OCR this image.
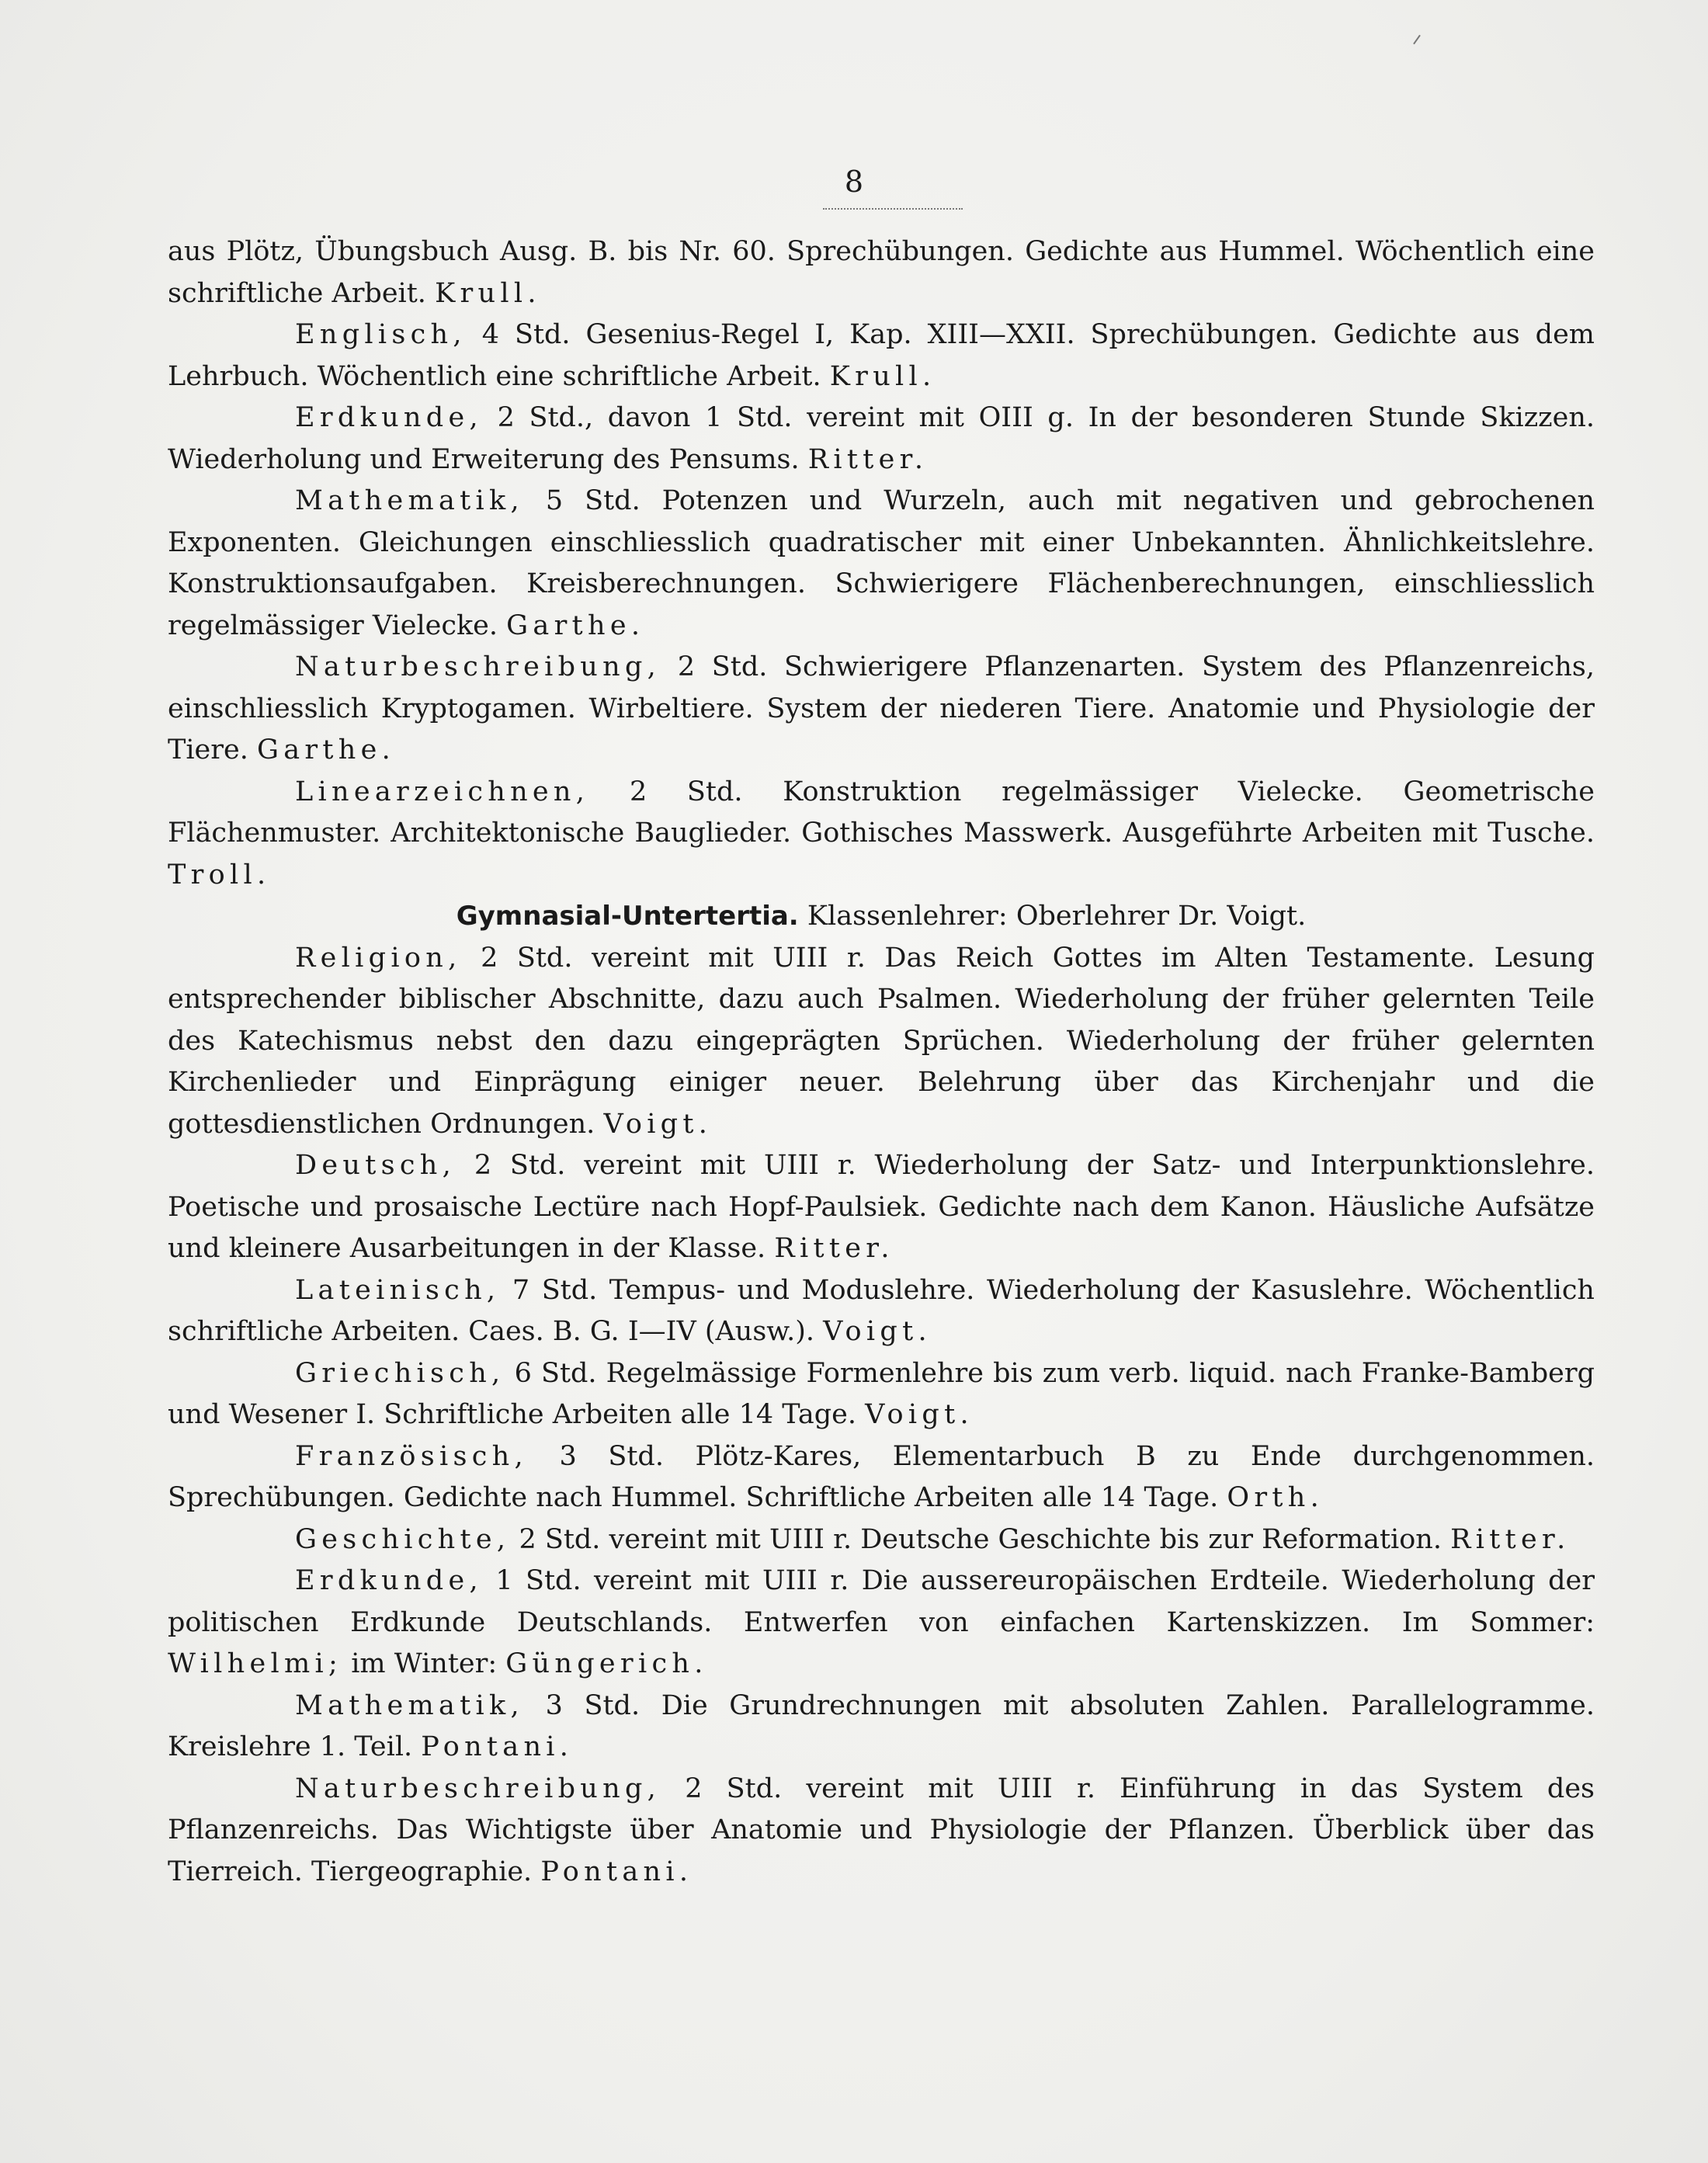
8

aus Plötz, Übungsbuch Ausg. B. bis Nr. 60. Sprechübungen. Gedichte aus Hummel. Wöchentlich eine schriftliche Arbeit. Krull.

Englisch, 4 Std. Gesenius-Regel I, Kap. XIII—XXII. Sprechübungen. Gedichte aus dem Lehrbuch. Wöchentlich eine schriftliche Arbeit. Krull.

Erdkunde, 2 Std., davon 1 Std. vereint mit OIII g. In der besonderen Stunde Skizzen. Wiederholung und Erweiterung des Pensums. Ritter.

Mathematik, 5 Std. Potenzen und Wurzeln, auch mit negativen und gebrochenen Exponenten. Gleichungen einschliesslich quadratischer mit einer Unbekannten. Ähnlichkeitslehre. Konstruktionsaufgaben. Kreisberechnungen. Schwierigere Flächenberechnungen, einschliesslich regelmässiger Vielecke. Garthe.

Naturbeschreibung, 2 Std. Schwierigere Pflanzenarten. System des Pflanzenreichs, einschliesslich Kryptogamen. Wirbeltiere. System der niederen Tiere. Anatomie und Physiologie der Tiere. Garthe.

Linearzeichnen, 2 Std. Konstruktion regelmässiger Vielecke. Geometrische Flächenmuster. Architektonische Bauglieder. Gothisches Masswerk. Ausgeführte Arbeiten mit Tusche. Troll.

Gymnasial-Untertertia. Klassenlehrer: Oberlehrer Dr. Voigt.

Religion, 2 Std. vereint mit UIII r. Das Reich Gottes im Alten Testamente. Lesung entsprechender biblischer Abschnitte, dazu auch Psalmen. Wiederholung der früher gelernten Teile des Katechismus nebst den dazu eingeprägten Sprüchen. Wiederholung der früher gelernten Kirchenlieder und Einprägung einiger neuer. Belehrung über das Kirchenjahr und die gottesdienstlichen Ordnungen. Voigt.

Deutsch, 2 Std. vereint mit UIII r. Wiederholung der Satz- und Interpunktionslehre. Poetische und prosaische Lectüre nach Hopf-Paulsiek. Gedichte nach dem Kanon. Häusliche Aufsätze und kleinere Ausarbeitungen in der Klasse. Ritter.

Lateinisch, 7 Std. Tempus- und Moduslehre. Wiederholung der Kasuslehre. Wöchentlich schriftliche Arbeiten. Caes. B. G. I—IV (Ausw.). Voigt.

Griechisch, 6 Std. Regelmässige Formenlehre bis zum verb. liquid. nach Franke-Bamberg und Wesener I. Schriftliche Arbeiten alle 14 Tage. Voigt.

Französisch, 3 Std. Plötz-Kares, Elementarbuch B zu Ende durchgenommen. Sprechübungen. Gedichte nach Hummel. Schriftliche Arbeiten alle 14 Tage. Orth.

Geschichte, 2 Std. vereint mit UIII r. Deutsche Geschichte bis zur Reformation. Ritter.

Erdkunde, 1 Std. vereint mit UIII r. Die aussereuropäischen Erdteile. Wiederholung der politischen Erdkunde Deutschlands. Entwerfen von einfachen Kartenskizzen. Im Sommer: Wilhelmi; im Winter: Güngerich.

Mathematik, 3 Std. Die Grundrechnungen mit absoluten Zahlen. Parallelogramme. Kreislehre 1. Teil. Pontani.

Naturbeschreibung, 2 Std. vereint mit UIII r. Einführung in das System des Pflanzenreichs. Das Wichtigste über Anatomie und Physiologie der Pflanzen. Überblick über das Tierreich. Tiergeographie. Pontani.
